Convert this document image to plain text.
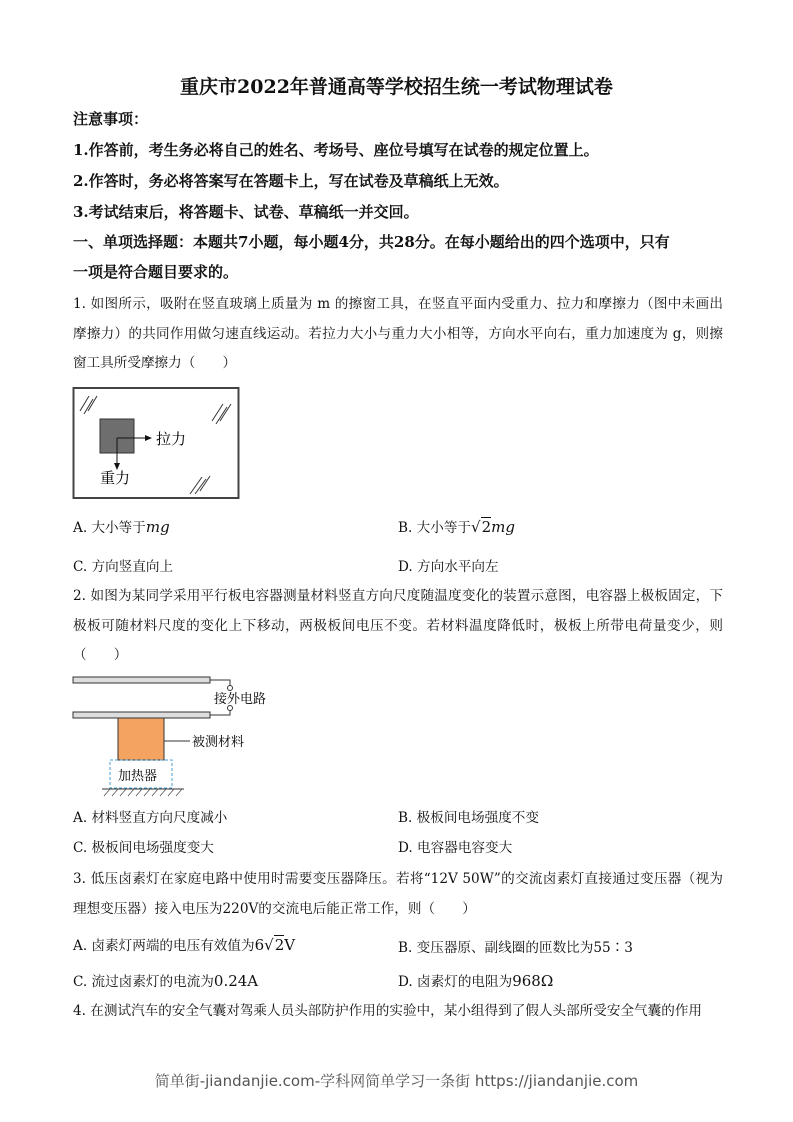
重庆市2022年普通高等学校招生统一考试物理试卷
注意事项：
1.作答前，考生务必将自己的姓名、考场号、座位号填写在试卷的规定位置上。
2.作答时，务必将答案写在答题卡上，写在试卷及草稿纸上无效。
3.考试结束后，将答题卡、试卷、草稿纸一并交回。
一、单项选择题：本题共7小题，每小题4分，共28分。在每小题给出的四个选项中，只有
一项是符合题目要求的。
1. 如图所示，吸附在竖直玻璃上质量为 m 的擦窗工具，在竖直平面内受重力、拉力和摩擦力（图中未画出摩擦力）的共同作用做匀速直线运动。若拉力大小与重力大小相等，方向水平向右，重力加速度为 g，则擦窗工具所受摩擦力（　　）
拉力
重力
A. 大小等于mg	B. 大小等于√2mg
C. 方向竖直向上	D. 方向水平向左
2. 如图为某同学采用平行板电容器测量材料竖直方向尺度随温度变化的装置示意图，电容器上极板固定，下极板可随材料尺度的变化上下移动，两极板间电压不变。若材料温度降低时，极板上所带电荷量变少，则（　　）
接外电路
被测材料
加热器
A. 材料竖直方向尺度减小	B. 极板间电场强度不变
C. 极板间电场强度变大	D. 电容器电容变大
3. 低压卤素灯在家庭电路中使用时需要变压器降压。若将“12V 50W”的交流卤素灯直接通过变压器（视为理想变压器）接入电压为220V的交流电后能正常工作，则（　　）
A. 卤素灯两端的电压有效值为6√2V	B. 变压器原、副线圈的匝数比为55∶3
C. 流过卤素灯的电流为0.24A	D. 卤素灯的电阻为968Ω
4. 在测试汽车的安全气囊对驾乘人员头部防护作用的实验中，某小组得到了假人头部所受安全气囊的作用
简单街-jiandanjie.com-学科网简单学习一条街 https://jiandanjie.com
